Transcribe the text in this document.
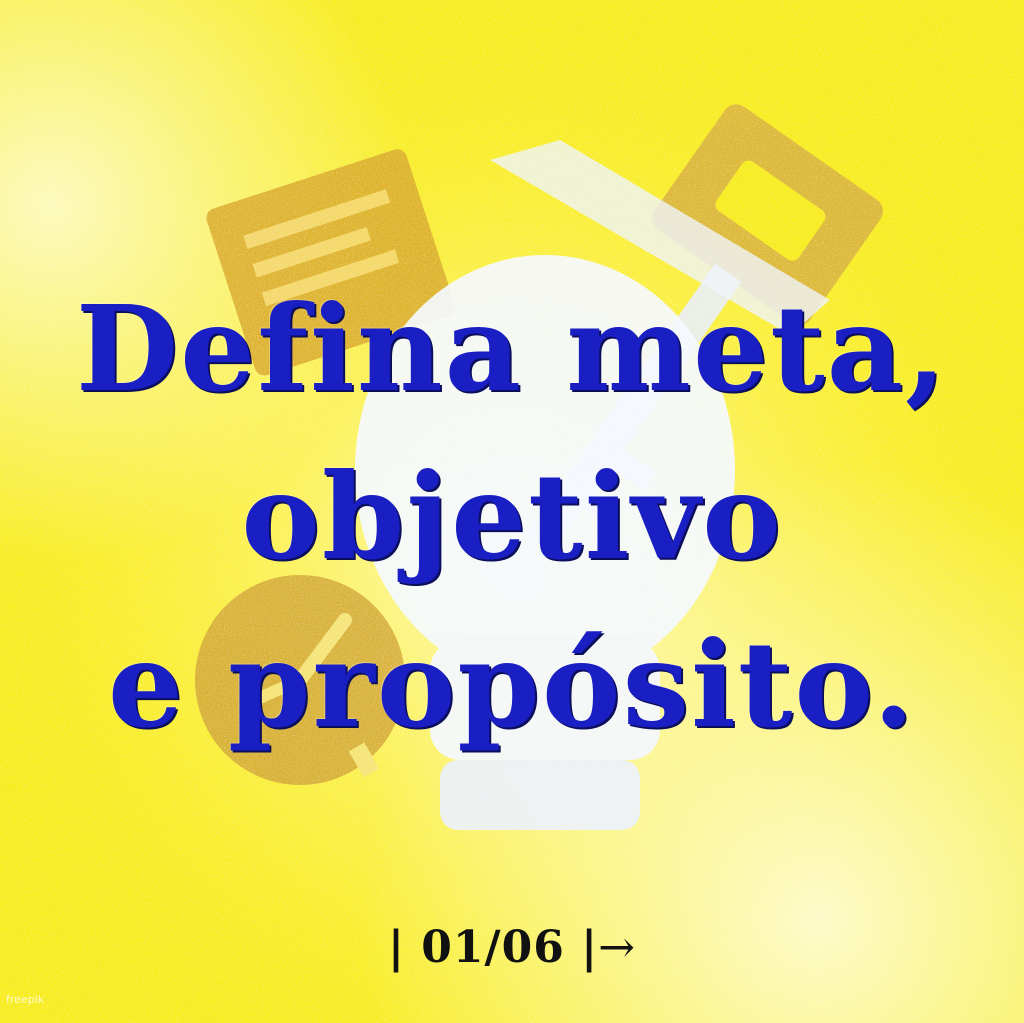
Defina meta,
objetivo
e propósito.
| 01/06 |→
freepik
